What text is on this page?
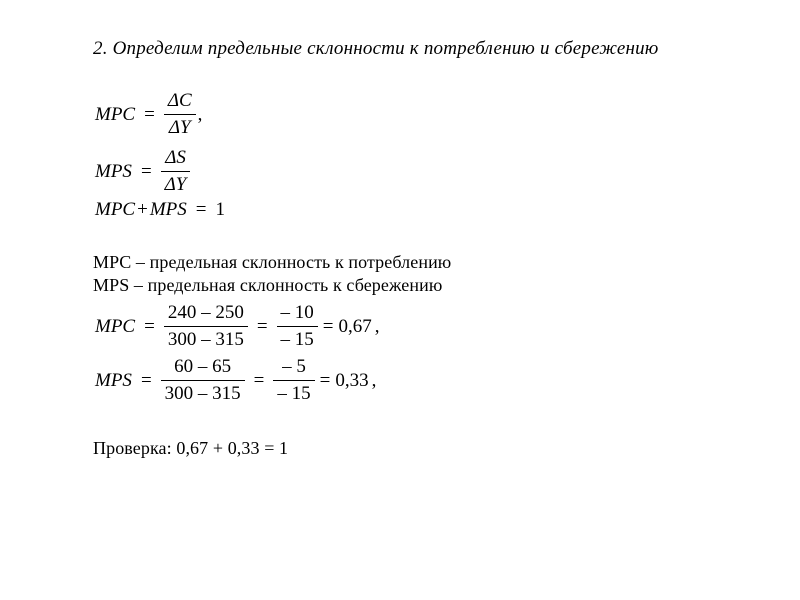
2. Определим предельные склонности к потреблению и сбережению
MPC = $\frac{\Delta C}{\Delta Y}$ ,
MPS = $\frac{\Delta S}{\Delta Y}$
MPC + MPS = 1
MPC – предельная склонность к потреблению
MPS – предельная склонность к сбережению
MPC = $\frac{240 - 250}{300 - 315} = \frac{- 10}{- 15} = 0,67$ ,
MPS = $\frac{60 - 65}{300 - 315} = \frac{- 5}{- 15} = 0,33$ ,
Проверка: 0,67 + 0,33 = 1
